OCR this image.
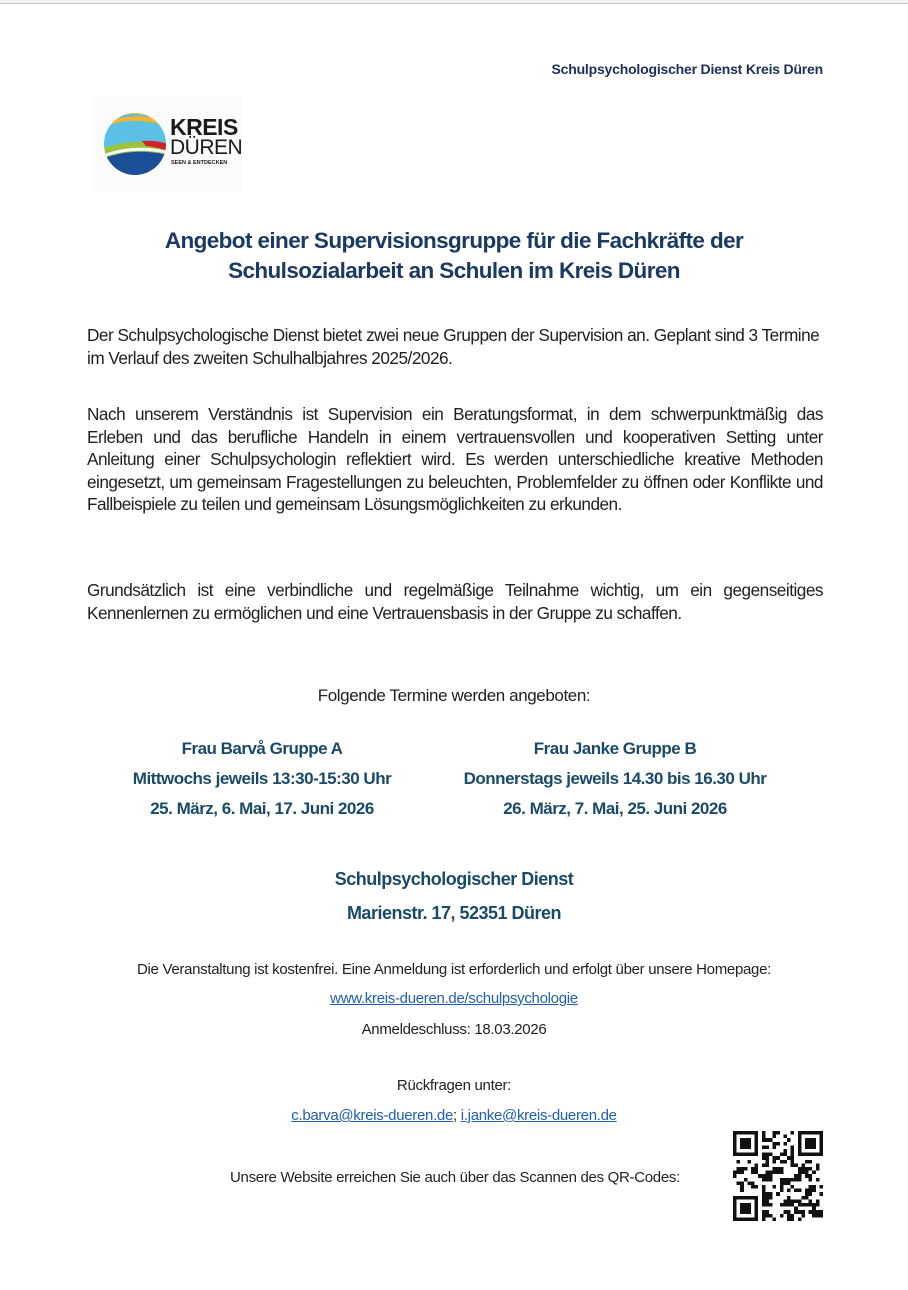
Schulpsychologischer Dienst Kreis Düren
KREIS
DÜREN
SEEN & ENTDECKEN
Angebot einer Supervisionsgruppe für die Fachkräfte der
Schulsozialarbeit an Schulen im Kreis Düren
Der Schulpsychologische Dienst bietet zwei neue Gruppen der Supervision an. Geplant sind 3 Termine im Verlauf des zweiten Schulhalbjahres 2025/2026.
Nach unserem Verständnis ist Supervision ein Beratungsformat, in dem schwerpunktmäßig das Erleben und das berufliche Handeln in einem vertrauensvollen und kooperativen Setting unter Anleitung einer Schulpsychologin reflektiert wird. Es werden unterschiedliche kreative Methoden eingesetzt, um gemeinsam Fragestellungen zu beleuchten, Problemfelder zu öffnen oder Konflikte und Fallbeispiele zu teilen und gemeinsam Lösungsmöglichkeiten zu erkunden.
Grundsätzlich ist eine verbindliche und regelmäßige Teilnahme wichtig, um ein gegenseitiges Kennenlernen zu ermöglichen und eine Vertrauensbasis in der Gruppe zu schaffen.
Folgende Termine werden angeboten:
Frau Barvå Gruppe A
Mittwochs jeweils 13:30-15:30 Uhr
25. März, 6. Mai, 17. Juni 2026
Frau Janke Gruppe B
Donnerstags jeweils 14.30 bis 16.30 Uhr
26. März, 7. Mai, 25. Juni 2026
Schulpsychologischer Dienst
Marienstr. 17, 52351 Düren
Die Veranstaltung ist kostenfrei. Eine Anmeldung ist erforderlich und erfolgt über unsere Homepage:
www.kreis-dueren.de/schulpsychologie
Anmeldeschluss: 18.03.2026
Rückfragen unter:
c.barva@kreis-dueren.de; i.janke@kreis-dueren.de
Unsere Website erreichen Sie auch über das Scannen des QR-Codes:
